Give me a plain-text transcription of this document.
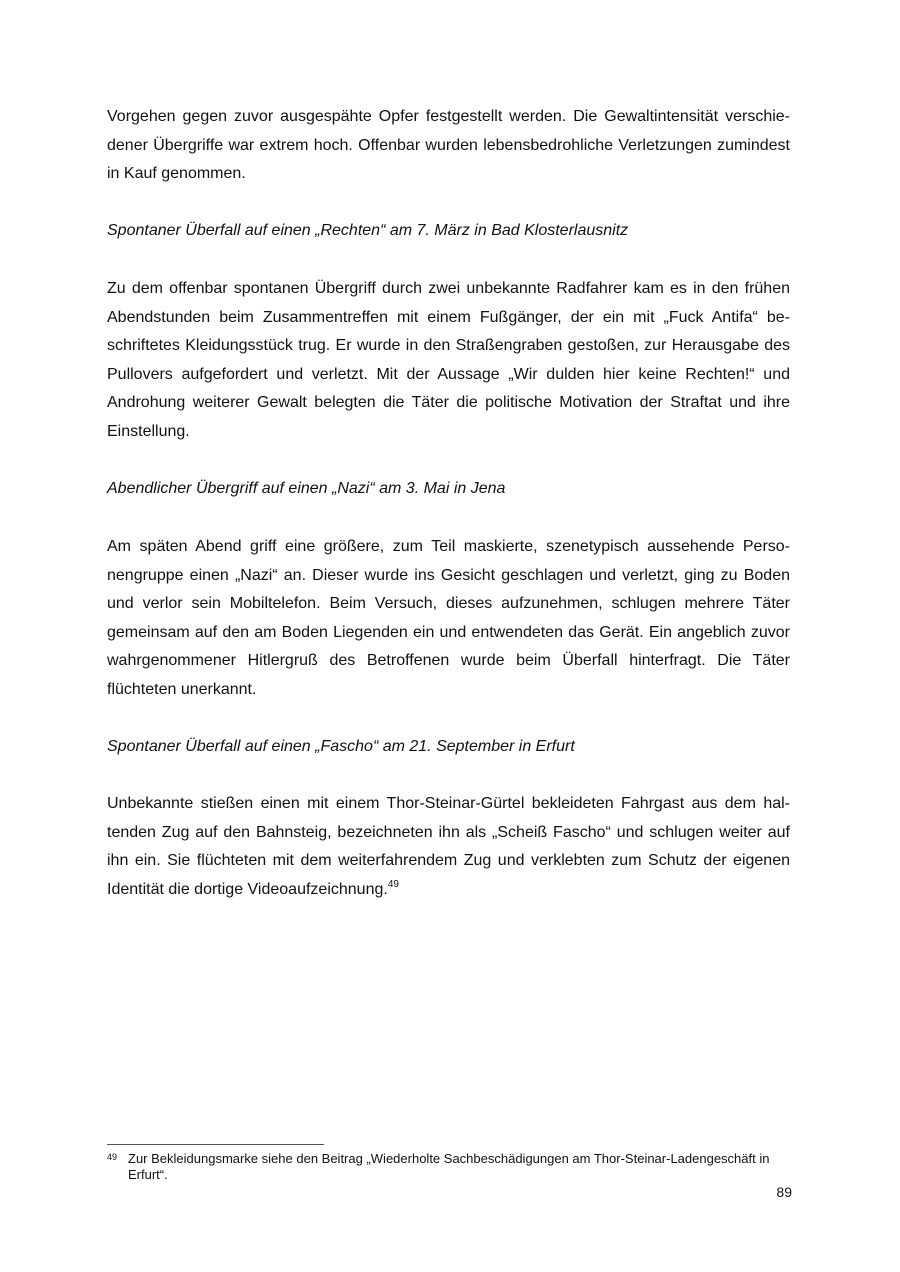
Vorgehen gegen zuvor ausgespähte Opfer festgestellt werden. Die Gewaltintensität verschiedener Übergriffe war extrem hoch. Offenbar wurden lebensbedrohliche Verletzungen zumindest in Kauf genommen.

Spontaner Überfall auf einen „Rechten“ am 7. März in Bad Klosterlausnitz

Zu dem offenbar spontanen Übergriff durch zwei unbekannte Radfahrer kam es in den frühen Abendstunden beim Zusammentreffen mit einem Fußgänger, der ein mit „Fuck Antifa“ beschriftetes Kleidungsstück trug. Er wurde in den Straßengraben gestoßen, zur Herausgabe des Pullovers aufgefordert und verletzt. Mit der Aussage „Wir dulden hier keine Rechten!“ und Androhung weiterer Gewalt belegten die Täter die politische Motivation der Straftat und ihre Einstellung.

Abendlicher Übergriff auf einen „Nazi“ am 3. Mai in Jena

Am späten Abend griff eine größere, zum Teil maskierte, szenetypisch aussehende Personengruppe einen „Nazi“ an. Dieser wurde ins Gesicht geschlagen und verletzt, ging zu Boden und verlor sein Mobiltelefon. Beim Versuch, dieses aufzunehmen, schlugen mehrere Täter gemeinsam auf den am Boden Liegenden ein und entwendeten das Gerät. Ein angeblich zuvor wahrgenommener Hitlergruß des Betroffenen wurde beim Überfall hinterfragt. Die Täter flüchteten unerkannt.

Spontaner Überfall auf einen „Fascho“ am 21. September in Erfurt

Unbekannte stießen einen mit einem Thor-Steinar-Gürtel bekleideten Fahrgast aus dem haltenden Zug auf den Bahnsteig, bezeichneten ihn als „Scheiß Fascho“ und schlugen weiter auf ihn ein. Sie flüchteten mit dem weiterfahrendem Zug und verklebten zum Schutz der eigenen Identität die dortige Videoaufzeichnung.$^{49}$

49 Zur Bekleidungsmarke siehe den Beitrag „Wiederholte Sachbeschädigungen am Thor-Steinar-Ladengeschäft in Erfurt“.
89
